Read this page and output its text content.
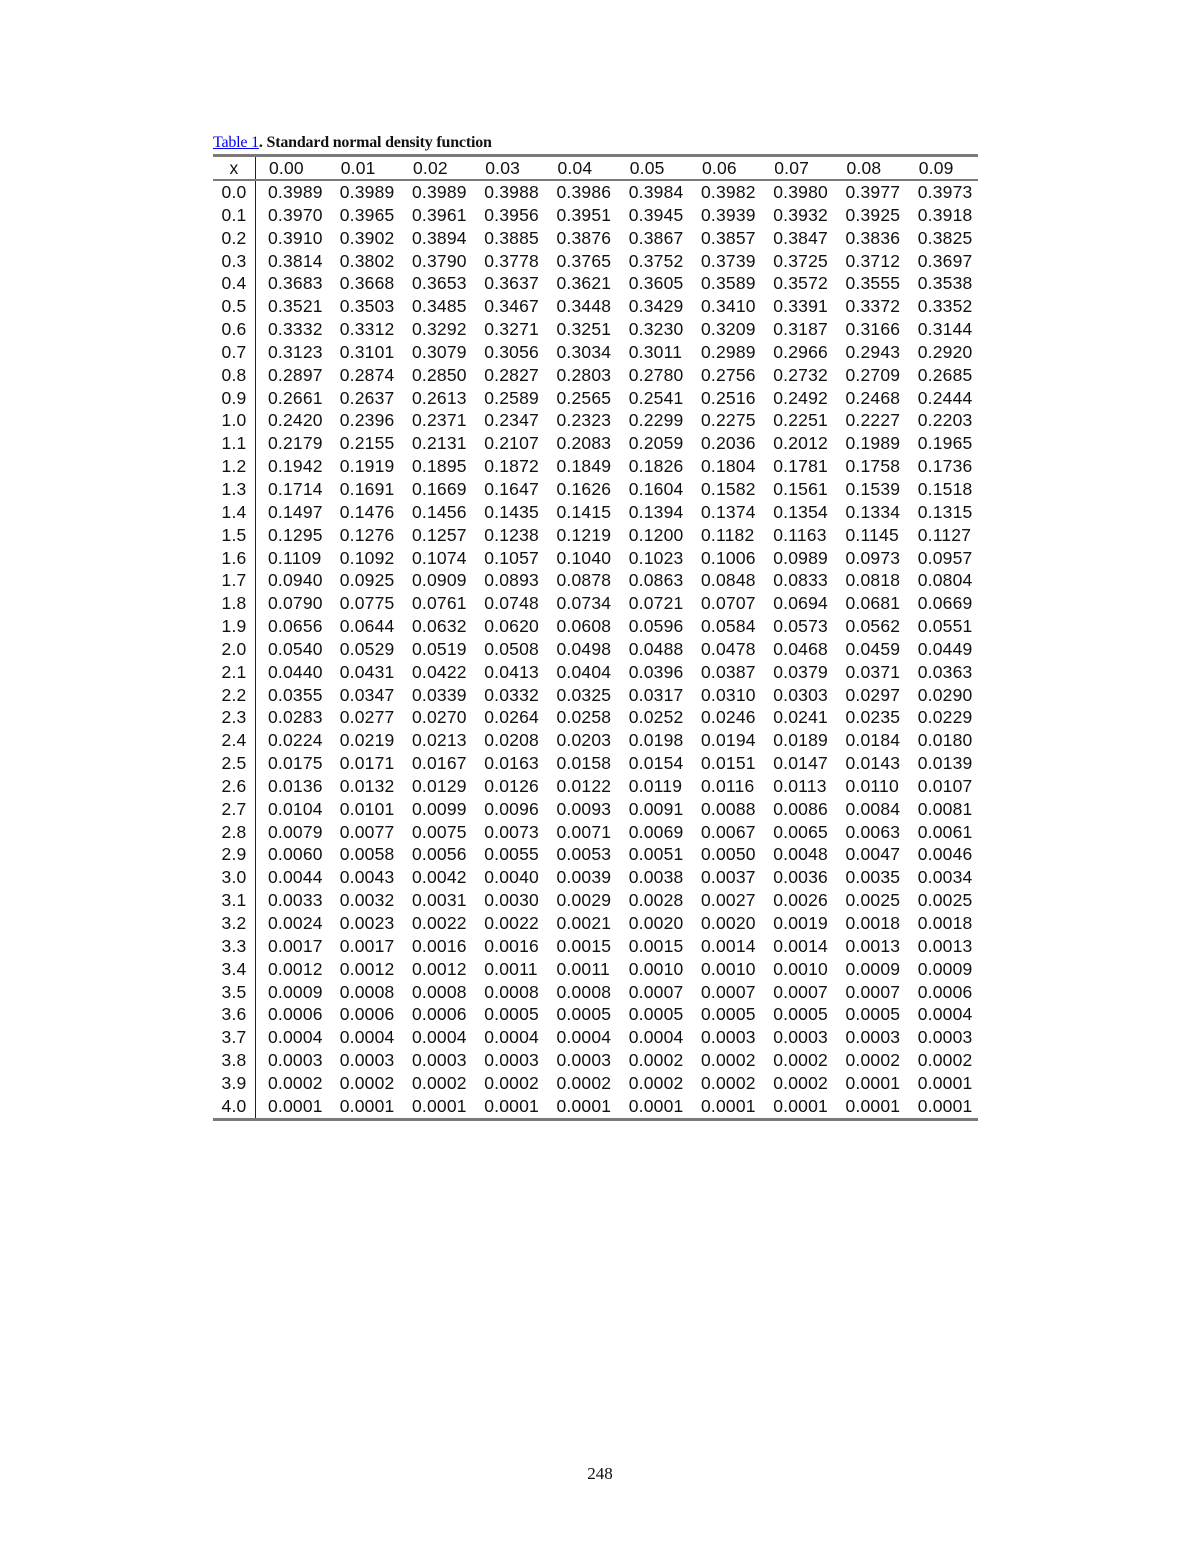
Table 1. Standard normal density function
x	0.00	0.01	0.02	0.03	0.04	0.05	0.06	0.07	0.08	0.09
0.0	0.3989	0.3989	0.3989	0.3988	0.3986	0.3984	0.3982	0.3980	0.3977	0.3973
0.1	0.3970	0.3965	0.3961	0.3956	0.3951	0.3945	0.3939	0.3932	0.3925	0.3918
0.2	0.3910	0.3902	0.3894	0.3885	0.3876	0.3867	0.3857	0.3847	0.3836	0.3825
0.3	0.3814	0.3802	0.3790	0.3778	0.3765	0.3752	0.3739	0.3725	0.3712	0.3697
0.4	0.3683	0.3668	0.3653	0.3637	0.3621	0.3605	0.3589	0.3572	0.3555	0.3538
0.5	0.3521	0.3503	0.3485	0.3467	0.3448	0.3429	0.3410	0.3391	0.3372	0.3352
0.6	0.3332	0.3312	0.3292	0.3271	0.3251	0.3230	0.3209	0.3187	0.3166	0.3144
0.7	0.3123	0.3101	0.3079	0.3056	0.3034	0.3011	0.2989	0.2966	0.2943	0.2920
0.8	0.2897	0.2874	0.2850	0.2827	0.2803	0.2780	0.2756	0.2732	0.2709	0.2685
0.9	0.2661	0.2637	0.2613	0.2589	0.2565	0.2541	0.2516	0.2492	0.2468	0.2444
1.0	0.2420	0.2396	0.2371	0.2347	0.2323	0.2299	0.2275	0.2251	0.2227	0.2203
1.1	0.2179	0.2155	0.2131	0.2107	0.2083	0.2059	0.2036	0.2012	0.1989	0.1965
1.2	0.1942	0.1919	0.1895	0.1872	0.1849	0.1826	0.1804	0.1781	0.1758	0.1736
1.3	0.1714	0.1691	0.1669	0.1647	0.1626	0.1604	0.1582	0.1561	0.1539	0.1518
1.4	0.1497	0.1476	0.1456	0.1435	0.1415	0.1394	0.1374	0.1354	0.1334	0.1315
1.5	0.1295	0.1276	0.1257	0.1238	0.1219	0.1200	0.1182	0.1163	0.1145	0.1127
1.6	0.1109	0.1092	0.1074	0.1057	0.1040	0.1023	0.1006	0.0989	0.0973	0.0957
1.7	0.0940	0.0925	0.0909	0.0893	0.0878	0.0863	0.0848	0.0833	0.0818	0.0804
1.8	0.0790	0.0775	0.0761	0.0748	0.0734	0.0721	0.0707	0.0694	0.0681	0.0669
1.9	0.0656	0.0644	0.0632	0.0620	0.0608	0.0596	0.0584	0.0573	0.0562	0.0551
2.0	0.0540	0.0529	0.0519	0.0508	0.0498	0.0488	0.0478	0.0468	0.0459	0.0449
2.1	0.0440	0.0431	0.0422	0.0413	0.0404	0.0396	0.0387	0.0379	0.0371	0.0363
2.2	0.0355	0.0347	0.0339	0.0332	0.0325	0.0317	0.0310	0.0303	0.0297	0.0290
2.3	0.0283	0.0277	0.0270	0.0264	0.0258	0.0252	0.0246	0.0241	0.0235	0.0229
2.4	0.0224	0.0219	0.0213	0.0208	0.0203	0.0198	0.0194	0.0189	0.0184	0.0180
2.5	0.0175	0.0171	0.0167	0.0163	0.0158	0.0154	0.0151	0.0147	0.0143	0.0139
2.6	0.0136	0.0132	0.0129	0.0126	0.0122	0.0119	0.0116	0.0113	0.0110	0.0107
2.7	0.0104	0.0101	0.0099	0.0096	0.0093	0.0091	0.0088	0.0086	0.0084	0.0081
2.8	0.0079	0.0077	0.0075	0.0073	0.0071	0.0069	0.0067	0.0065	0.0063	0.0061
2.9	0.0060	0.0058	0.0056	0.0055	0.0053	0.0051	0.0050	0.0048	0.0047	0.0046
3.0	0.0044	0.0043	0.0042	0.0040	0.0039	0.0038	0.0037	0.0036	0.0035	0.0034
3.1	0.0033	0.0032	0.0031	0.0030	0.0029	0.0028	0.0027	0.0026	0.0025	0.0025
3.2	0.0024	0.0023	0.0022	0.0022	0.0021	0.0020	0.0020	0.0019	0.0018	0.0018
3.3	0.0017	0.0017	0.0016	0.0016	0.0015	0.0015	0.0014	0.0014	0.0013	0.0013
3.4	0.0012	0.0012	0.0012	0.0011	0.0011	0.0010	0.0010	0.0010	0.0009	0.0009
3.5	0.0009	0.0008	0.0008	0.0008	0.0008	0.0007	0.0007	0.0007	0.0007	0.0006
3.6	0.0006	0.0006	0.0006	0.0005	0.0005	0.0005	0.0005	0.0005	0.0005	0.0004
3.7	0.0004	0.0004	0.0004	0.0004	0.0004	0.0004	0.0003	0.0003	0.0003	0.0003
3.8	0.0003	0.0003	0.0003	0.0003	0.0003	0.0002	0.0002	0.0002	0.0002	0.0002
3.9	0.0002	0.0002	0.0002	0.0002	0.0002	0.0002	0.0002	0.0002	0.0001	0.0001
4.0	0.0001	0.0001	0.0001	0.0001	0.0001	0.0001	0.0001	0.0001	0.0001	0.0001
248
